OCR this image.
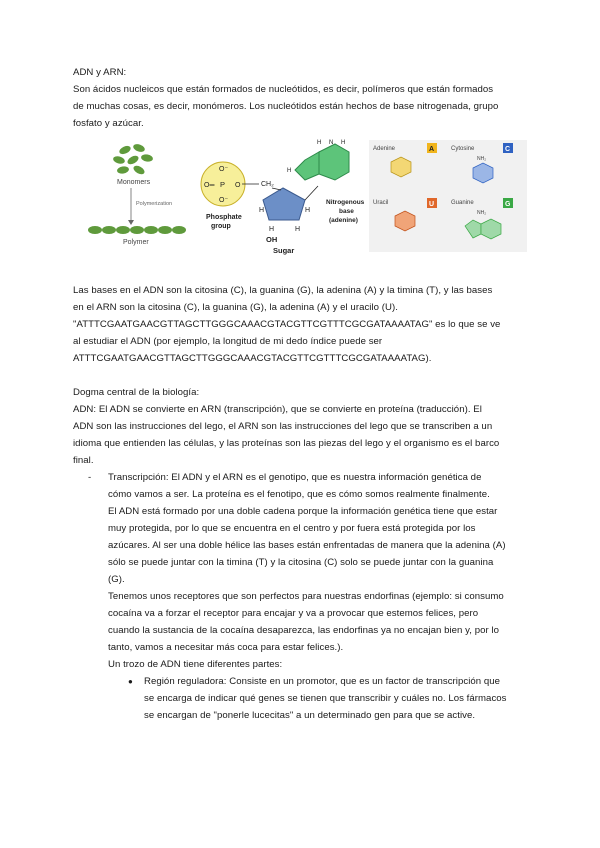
ADN y ARN:
Son ácidos nucleicos que están formados de nucleótidos, es decir, polímeros que están formados
de muchas cosas, es decir, monómeros. Los nucleótidos están hechos de base nitrogenada, grupo
fosfato y azúcar.
Monomers
Polymerization
Polymer
O⁻
O═ P O
O⁻
CH₂
Phosphate
group
H	H
H	H
OH
Sugar
H N H
H
Nitrogenous
base
(adenine)
Adenine	A	Cytosine	C
NH₂
Uracil	U	Guanine	G
NH₂
Las bases en el ADN son la citosina (C), la guanina (G), la adenina (A) y la timina (T), y las bases
en el ARN son la citosina (C), la guanina (G), la adenina (A) y el uracilo (U).
"ATTTCGAATGAACGTTAGCTTGGGCAAACGTACGTTCGTTTCGCGATAAAATAG" es lo que se ve
al estudiar el ADN (por ejemplo, la longitud de mi dedo índice puede ser
ATTTCGAATGAACGTTAGCTTGGGCAAACGTACGTTCGTTTCGCGATAAAATAG).
Dogma central de la biología:
ADN: El ADN se convierte en ARN (transcripción), que se convierte en proteína (traducción). El
ADN son las instrucciones del lego, el ARN son las instrucciones del lego que se transcriben a un
idioma que entienden las células, y las proteínas son las piezas del lego y el organismo es el barco
final.
- Transcripción: El ADN y el ARN es el genotipo, que es nuestra información genética de
cómo vamos a ser. La proteína es el fenotipo, que es cómo somos realmente finalmente.
El ADN está formado por una doble cadena porque la información genética tiene que estar
muy protegida, por lo que se encuentra en el centro y por fuera está protegida por los
azúcares. Al ser una doble hélice las bases están enfrentadas de manera que la adenina (A)
sólo se puede juntar con la timina (T) y la citosina (C) solo se puede juntar con la guanina
(G).
Tenemos unos receptores que son perfectos para nuestras endorfinas (ejemplo: si consumo
cocaína va a forzar el receptor para encajar y va a provocar que estemos felices, pero
cuando la sustancia de la cocaína desaparezca, las endorfinas ya no encajan bien y, por lo
tanto, vamos a necesitar más coca para estar felices.).
Un trozo de ADN tiene diferentes partes:
● Región reguladora: Consiste en un promotor, que es un factor de transcripción que
se encarga de indicar qué genes se tienen que transcribir y cuáles no. Los fármacos
se encargan de "ponerle lucecitas" a un determinado gen para que se active.
